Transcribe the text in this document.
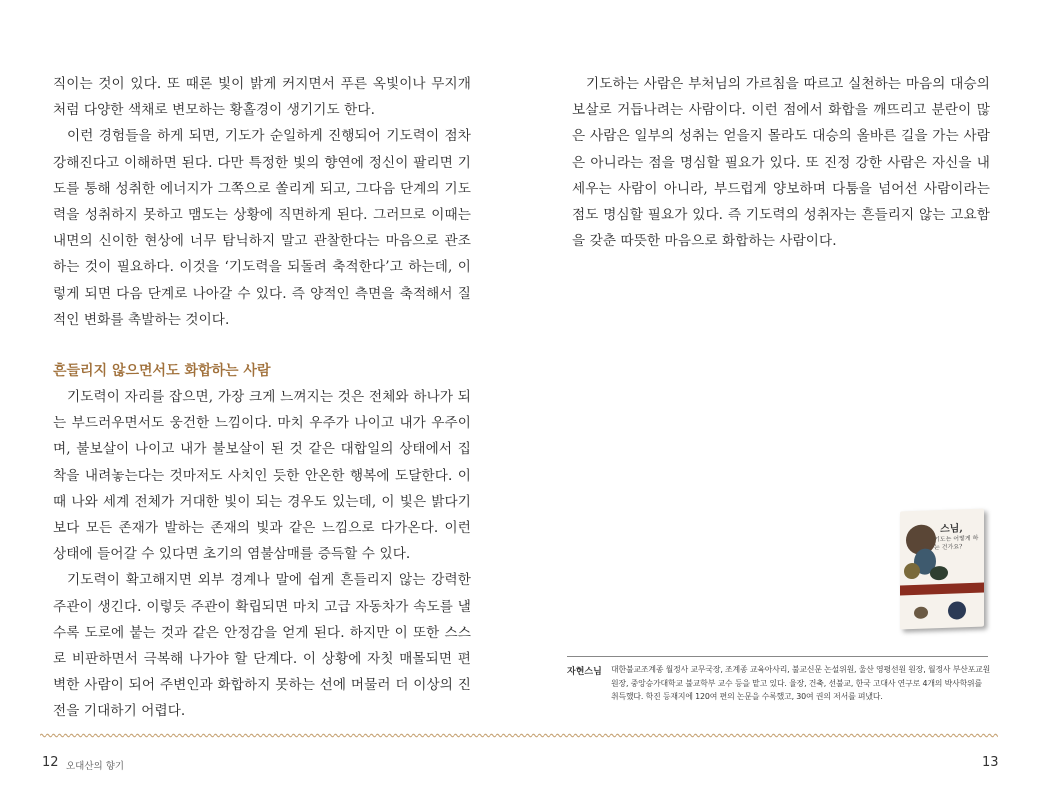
직이는 것이 있다. 또 때론 빛이 밝게 커지면서 푸른 옥빛이나 무지개처럼 다양한 색채로 변모하는 황홀경이 생기기도 한다.

이런 경험들을 하게 되면, 기도가 순일하게 진행되어 기도력이 점차 강해진다고 이해하면 된다. 다만 특정한 빛의 향연에 정신이 팔리면 기도를 통해 성취한 에너지가 그쪽으로 쏠리게 되고, 그다음 단계의 기도력을 성취하지 못하고 맴도는 상황에 직면하게 된다. 그러므로 이때는 내면의 신이한 현상에 너무 탐닉하지 말고 관찰한다는 마음으로 관조하는 것이 필요하다. 이것을 ‘기도력을 되돌려 축적한다’고 하는데, 이렇게 되면 다음 단계로 나아갈 수 있다. 즉 양적인 측면을 축적해서 질적인 변화를 촉발하는 것이다.

흔들리지 않으면서도 화합하는 사람

기도력이 자리를 잡으면, 가장 크게 느껴지는 것은 전체와 하나가 되는 부드러우면서도 웅건한 느낌이다. 마치 우주가 나이고 내가 우주이며, 불보살이 나이고 내가 불보살이 된 것 같은 대합일의 상태에서 집착을 내려놓는다는 것마저도 사치인 듯한 안온한 행복에 도달한다. 이때 나와 세계 전체가 거대한 빛이 되는 경우도 있는데, 이 빛은 밝다기보다 모든 존재가 발하는 존재의 빛과 같은 느낌으로 다가온다. 이런 상태에 들어갈 수 있다면 초기의 염불삼매를 증득할 수 있다.

기도력이 확고해지면 외부 경계나 말에 쉽게 흔들리지 않는 강력한 주관이 생긴다. 이렇듯 주관이 확립되면 마치 고급 자동차가 속도를 낼수록 도로에 붙는 것과 같은 안정감을 얻게 된다. 하지만 이 또한 스스로 비판하면서 극복해 나가야 할 단계다. 이 상황에 자칫 매몰되면 편벽한 사람이 되어 주변인과 화합하지 못하는 선에 머물러 더 이상의 진전을 기대하기 어렵다.

기도하는 사람은 부처님의 가르침을 따르고 실천하는 마음의 대승의 보살로 거듭나려는 사람이다. 이런 점에서 화합을 깨뜨리고 분란이 많은 사람은 일부의 성취는 얻을지 몰라도 대승의 올바른 길을 가는 사람은 아니라는 점을 명심할 필요가 있다. 또 진정 강한 사람은 자신을 내세우는 사람이 아니라, 부드럽게 양보하며 다툼을 넘어선 사람이라는 점도 명심할 필요가 있다. 즉 기도력의 성취자는 흔들리지 않는 고요함을 갖춘 따뜻한 마음으로 화합하는 사람이다.

스님,
기도는 어떻게 하는 건가요?
자현스님 대한불교조계종 월정사 교무국장, 조계종 교육아사리, 불교신문 논설위원, 울산 영평선원 원장, 월정사 부산포교원 원장, 중앙승가대학교 불교학부 교수 등을 맡고 있다. 율장, 건축, 선불교, 한국 고대사 연구로 4개의 박사학위를 취득했다. 학진 등재지에 120여 편의 논문을 수록했고, 30여 권의 저서를 펴냈다.

12 오대산의 향기	13
